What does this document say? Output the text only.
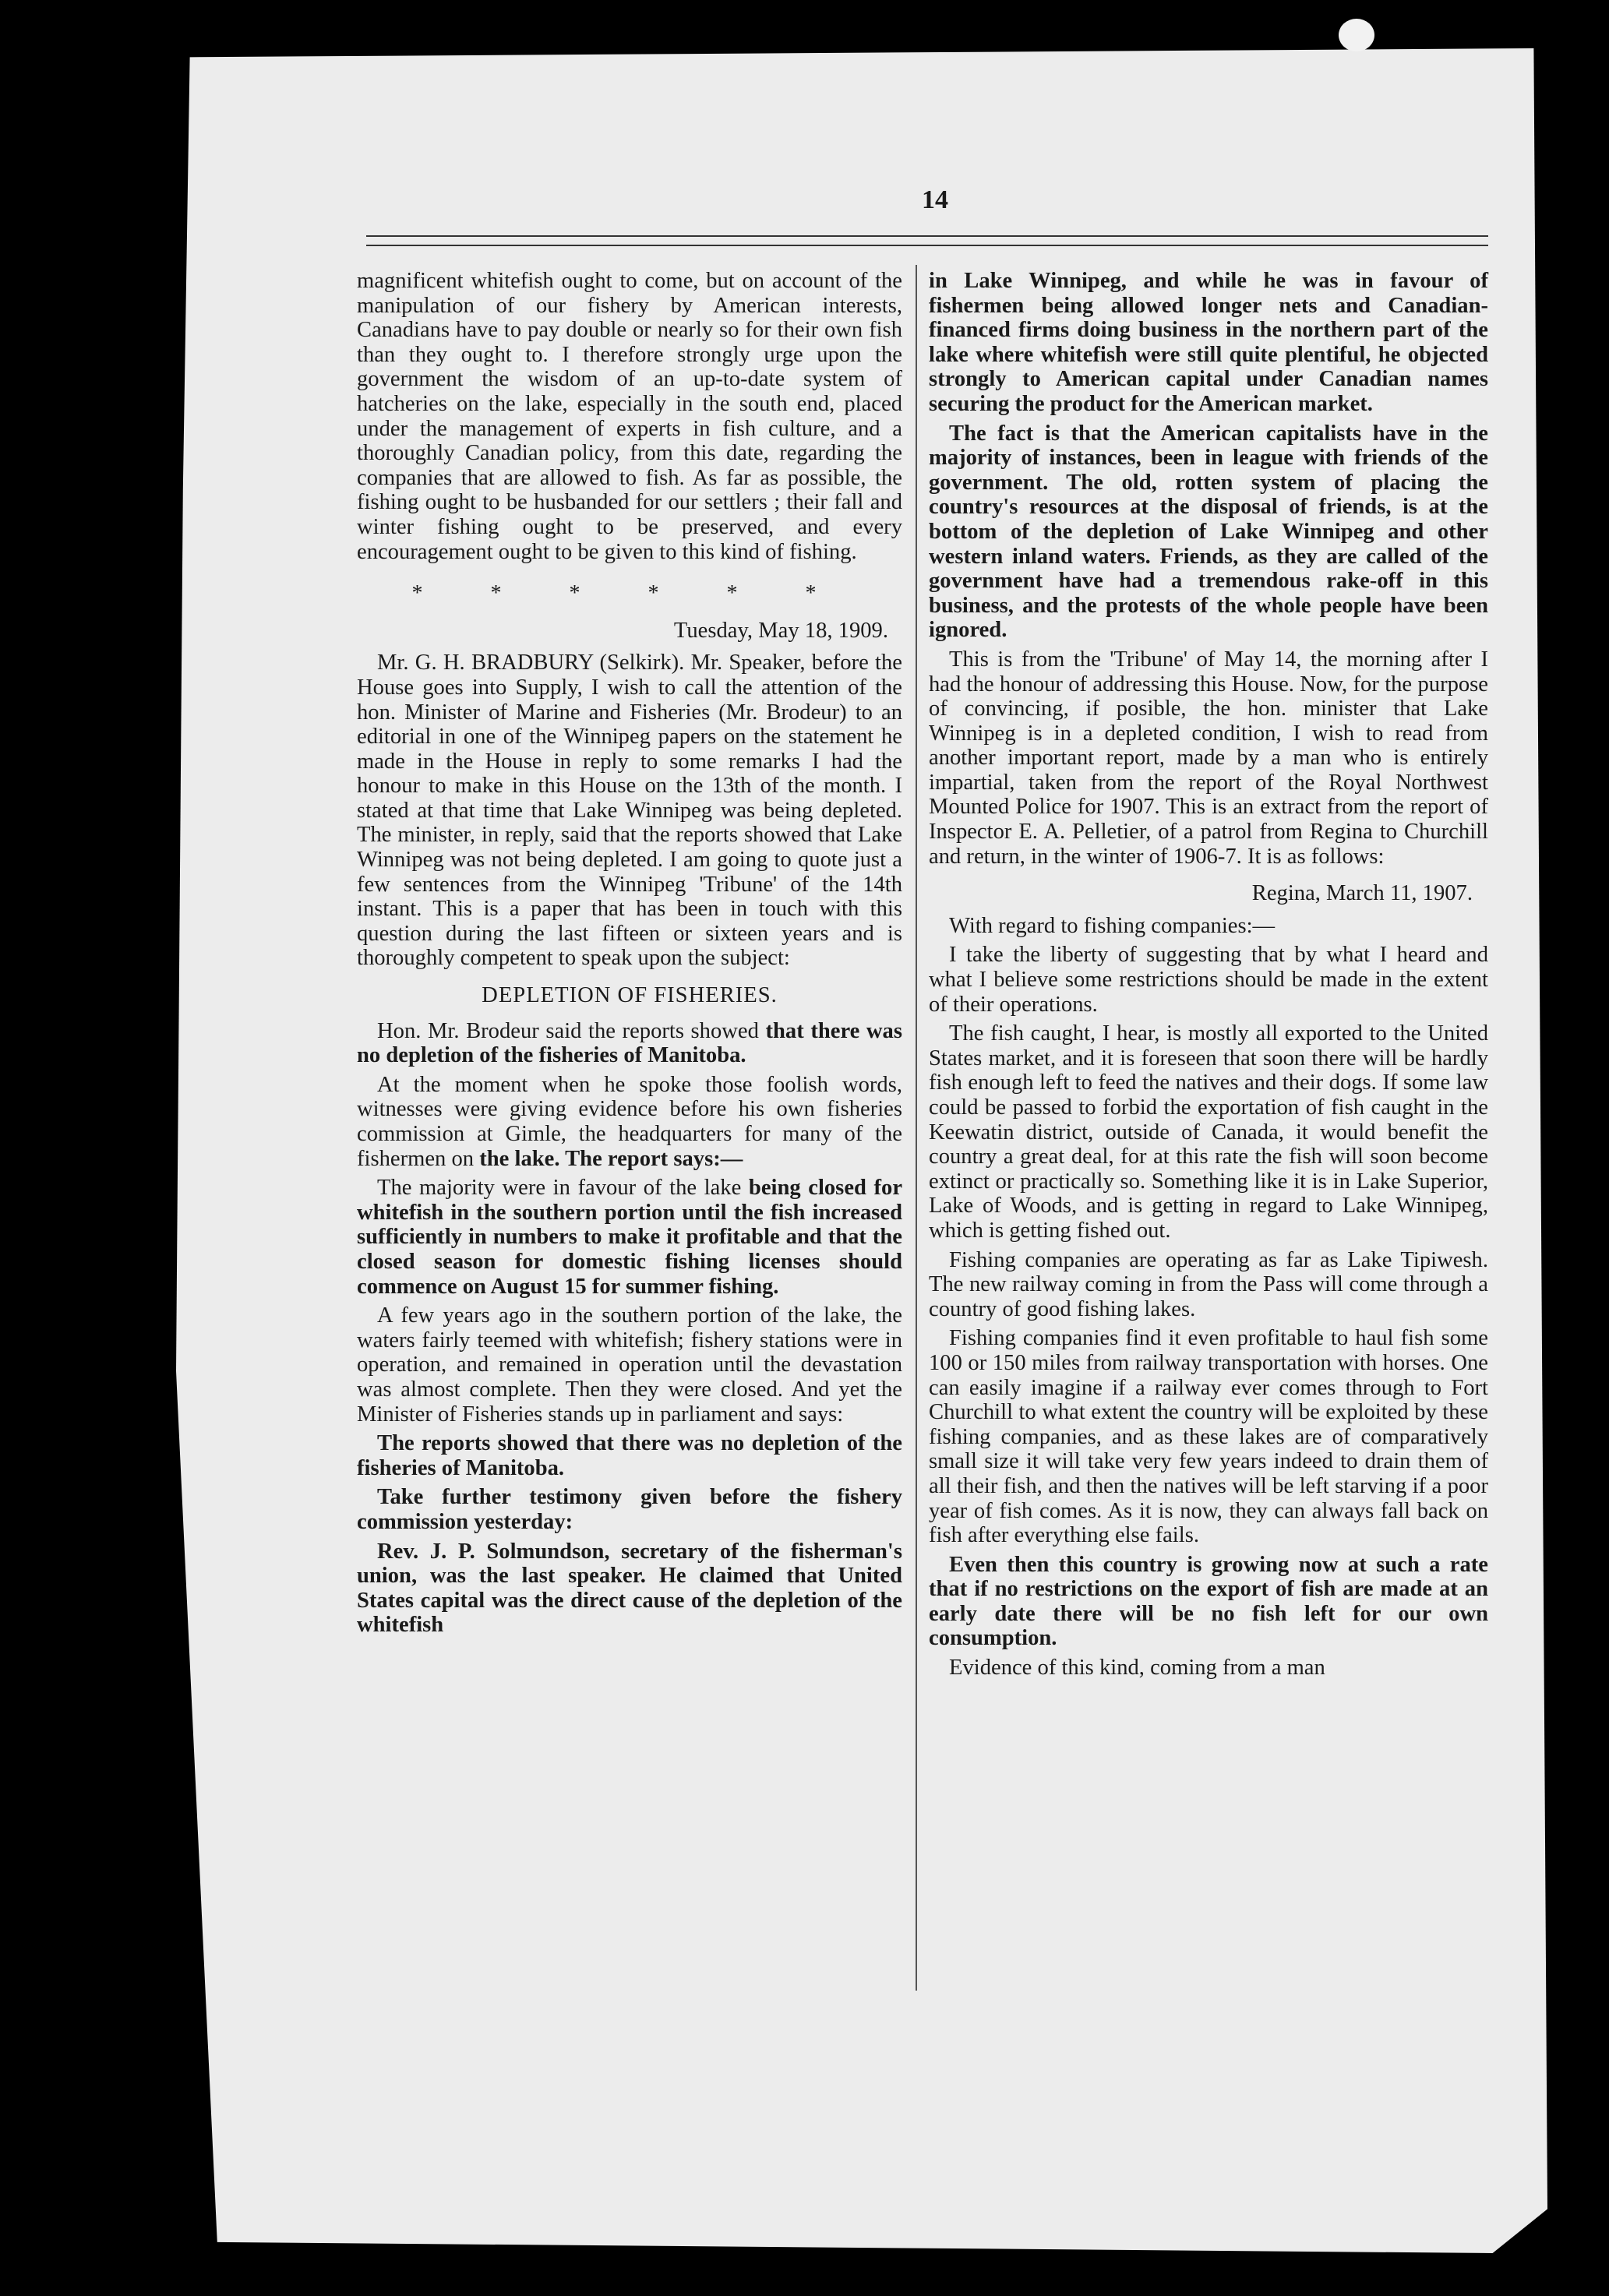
14

magnificent whitefish ought to come, but on account of the manipulation of our fishery by American interests, Canadians have to pay double or nearly so for their own fish than they ought to. I therefore strongly urge upon the government the wisdom of an up-to-date system of hatcheries on the lake, especially in the south end, placed under the management of experts in fish culture, and a thoroughly Canadian policy, from this date, regarding the companies that are allowed to fish. As far as possible, the fishing ought to be husbanded for our settlers ; their fall and winter fishing ought to be preserved, and every encouragement ought to be given to this kind of fishing.

* * * * * *
Tuesday, May 18, 1909.

Mr. G. H. BRADBURY (Selkirk). Mr. Speaker, before the House goes into Supply, I wish to call the attention of the hon. Minister of Marine and Fisheries (Mr. Brodeur) to an editorial in one of the Winnipeg papers on the statement he made in the House in reply to some remarks I had the honour to make in this House on the 13th of the month. I stated at that time that Lake Winnipeg was being depleted. The minister, in reply, said that the reports showed that Lake Winnipeg was not being depleted. I am going to quote just a few sentences from the Winnipeg 'Tribune' of the 14th instant. This is a paper that has been in touch with this question during the last fifteen or sixteen years and is thoroughly competent to speak upon the subject:

DEPLETION OF FISHERIES.

Hon. Mr. Brodeur said the reports showed that there was no depletion of the fisheries of Manitoba.

At the moment when he spoke those foolish words, witnesses were giving evidence before his own fisheries commission at Gimle, the headquarters for many of the fishermen on the lake. The report says:—

The majority were in favour of the lake being closed for whitefish in the southern portion until the fish increased sufficiently in numbers to make it profitable and that the closed season for domestic fishing licenses should commence on August 15 for summer fishing.

A few years ago in the southern portion of the lake, the waters fairly teemed with whitefish; fishery stations were in operation, and remained in operation until the devastation was almost complete. Then they were closed. And yet the Minister of Fisheries stands up in parliament and says:

The reports showed that there was no depletion of the fisheries of Manitoba.

Take further testimony given before the fishery commission yesterday:

Rev. J. P. Solmundson, secretary of the fisherman's union, was the last speaker. He claimed that United States capital was the direct cause of the depletion of the whitefish

in Lake Winnipeg, and while he was in favour of fishermen being allowed longer nets and Canadian-financed firms doing business in the northern part of the lake where whitefish were still quite plentiful, he objected strongly to American capital under Canadian names securing the product for the American market.

The fact is that the American capitalists have in the majority of instances, been in league with friends of the government. The old, rotten system of placing the country's resources at the disposal of friends, is at the bottom of the depletion of Lake Winnipeg and other western inland waters. Friends, as they are called of the government have had a tremendous rake-off in this business, and the protests of the whole people have been ignored.

This is from the 'Tribune' of May 14, the morning after I had the honour of addressing this House. Now, for the purpose of convincing, if posible, the hon. minister that Lake Winnipeg is in a depleted condition, I wish to read from another important report, made by a man who is entirely impartial, taken from the report of the Royal Northwest Mounted Police for 1907. This is an extract from the report of Inspector E. A. Pelletier, of a patrol from Regina to Churchill and return, in the winter of 1906-7. It is as follows:

Regina, March 11, 1907.

With regard to fishing companies:—

I take the liberty of suggesting that by what I heard and what I believe some restrictions should be made in the extent of their operations.

The fish caught, I hear, is mostly all exported to the United States market, and it is foreseen that soon there will be hardly fish enough left to feed the natives and their dogs. If some law could be passed to forbid the exportation of fish caught in the Keewatin district, outside of Canada, it would benefit the country a great deal, for at this rate the fish will soon become extinct or practically so. Something like it is in Lake Superior, Lake of Woods, and is getting in regard to Lake Winnipeg, which is getting fished out.

Fishing companies are operating as far as Lake Tipiwesh. The new railway coming in from the Pass will come through a country of good fishing lakes.

Fishing companies find it even profitable to haul fish some 100 or 150 miles from railway transportation with horses. One can easily imagine if a railway ever comes through to Fort Churchill to what extent the country will be exploited by these fishing companies, and as these lakes are of comparatively small size it will take very few years indeed to drain them of all their fish, and then the natives will be left starving if a poor year of fish comes. As it is now, they can always fall back on fish after everything else fails.

Even then this country is growing now at such a rate that if no restrictions on the export of fish are made at an early date there will be no fish left for our own consumption.

Evidence of this kind, coming from a man
